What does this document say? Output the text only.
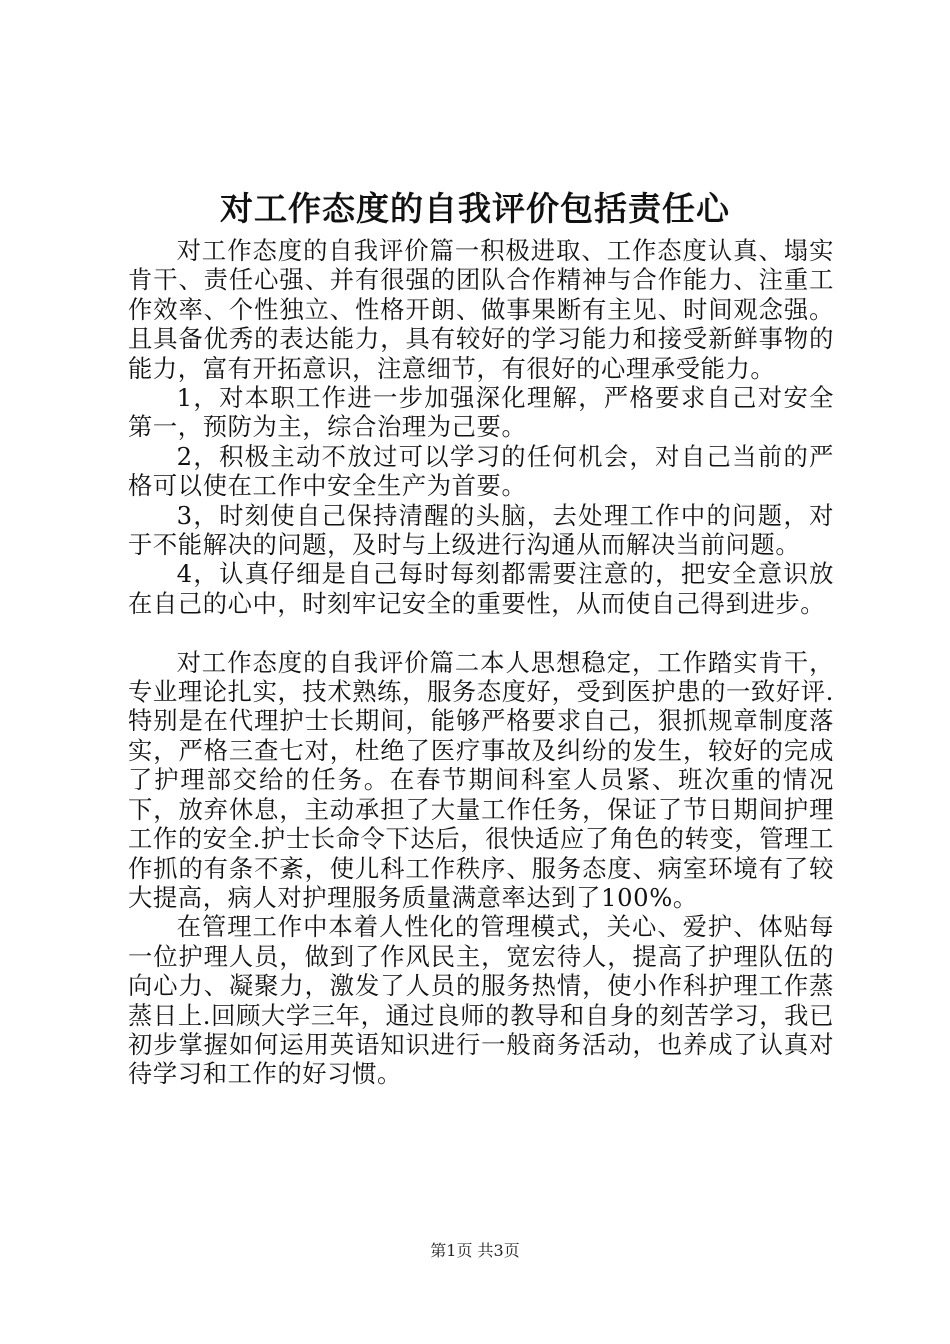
对工作态度的自我评价包括责任心

对工作态度的自我评价篇一积极进取、工作态度认真、塌实肯干、责任心强、并有很强的团队合作精神与合作能力、注重工作效率、个性独立、性格开朗、做事果断有主见、时间观念强。且具备优秀的表达能力，具有较好的学习能力和接受新鲜事物的能力，富有开拓意识，注意细节，有很好的心理承受能力。

1，对本职工作进一步加强深化理解，严格要求自己对安全第一，预防为主，综合治理为己要。

2，积极主动不放过可以学习的任何机会，对自己当前的严格可以使在工作中安全生产为首要。

3，时刻使自己保持清醒的头脑，去处理工作中的问题，对于不能解决的问题，及时与上级进行沟通从而解决当前问题。

4，认真仔细是自己每时每刻都需要注意的，把安全意识放在自己的心中，时刻牢记安全的重要性，从而使自己得到进步。

对工作态度的自我评价篇二本人思想稳定，工作踏实肯干，专业理论扎实，技术熟练，服务态度好，受到医护患的一致好评.特别是在代理护士长期间，能够严格要求自己，狠抓规章制度落实，严格三查七对，杜绝了医疗事故及纠纷的发生，较好的完成了护理部交给的任务。在春节期间科室人员紧、班次重的情况下，放弃休息，主动承担了大量工作任务，保证了节日期间护理工作的安全.护士长命令下达后，很快适应了角色的转变，管理工作抓的有条不紊，使儿科工作秩序、服务态度、病室环境有了较大提高，病人对护理服务质量满意率达到了100%。

在管理工作中本着人性化的管理模式，关心、爱护、体贴每一位护理人员，做到了作风民主，宽宏待人，提高了护理队伍的向心力、凝聚力，激发了人员的服务热情，使小作科护理工作蒸蒸日上.回顾大学三年，通过良师的教导和自身的刻苦学习，我已初步掌握如何运用英语知识进行一般商务活动，也养成了认真对待学习和工作的好习惯。

第1页 共3页
